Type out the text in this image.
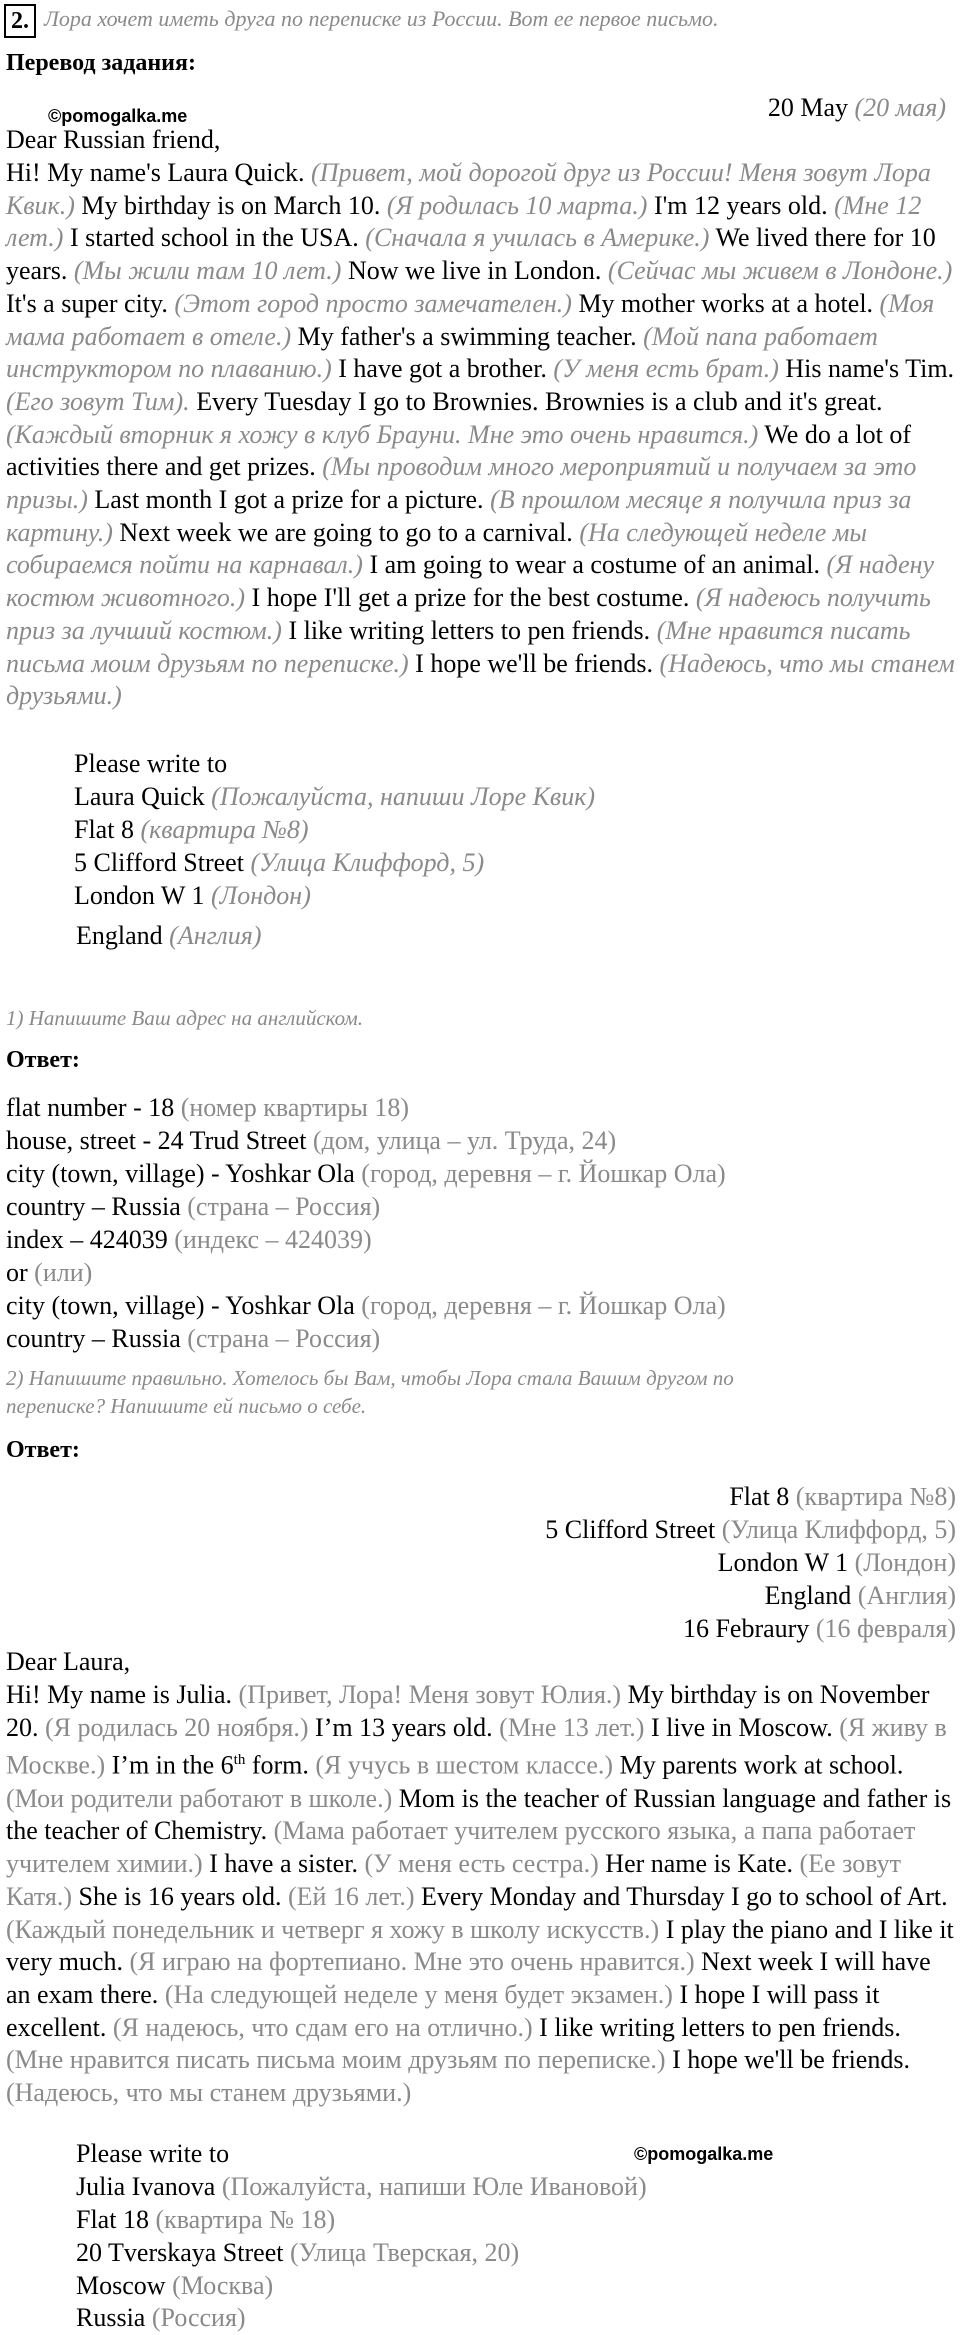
2. Лора хочет иметь друга по переписке из России. Вот ее первое письмо.
Перевод задания:
©pomogalka.me	20 May (20 мая)
Dear Russian friend,
Hi! My name's Laura Quick. (Привет, мой дорогой друг из России! Меня зовут Лора Квик.) My birthday is on March 10. (Я родилась 10 марта.) I'm 12 years old. (Мне 12 лет.) I started school in the USA. (Сначала я училась в Америке.) We lived there for 10 years. (Мы жили там 10 лет.) Now we live in London. (Сейчас мы живем в Лондоне.) It's a super city. (Этот город просто замечателен.) My mother works at a hotel. (Моя мама работает в отеле.) My father's a swimming teacher. (Мой папа работает инструктором по плаванию.) I have got a brother. (У меня есть брат.) His name's Tim. (Его зовут Тим). Every Tuesday I go to Brownies. Brownies is a club and it's great. (Каждый вторник я хожу в клуб Брауни. Мне это очень нравится.) We do a lot of activities there and get prizes. (Мы проводим много мероприятий и получаем за это призы.) Last month I got a prize for a picture. (В прошлом месяце я получила приз за картину.) Next week we are going to go to a carnival. (На следующей неделе мы собираемся пойти на карнавал.) I am going to wear a costume of an animal. (Я надену костюм животного.) I hope I'll get a prize for the best costume. (Я надеюсь получить приз за лучший костюм.) I like writing letters to pen friends. (Мне нравится писать письма моим друзьям по переписке.) I hope we'll be friends. (Надеюсь, что мы станем друзьями.)
Please write to
Laura Quick (Пожалуйста, напиши Лоре Квик)
Flat 8 (квартира №8)
5 Clifford Street (Улица Клиффорд, 5)
London W 1 (Лондон)
England (Англия)
1) Напишите Ваш адрес на английском.
Ответ:
flat number - 18 (номер квартиры 18)
house, street - 24 Trud Street (дом, улица – ул. Труда, 24)
city (town, village) - Yoshkar Ola (город, деревня – г. Йошкар Ола)
country – Russia (страна – Россия)
index – 424039 (индекс – 424039)
or (или)
city (town, village) - Yoshkar Ola (город, деревня – г. Йошкар Ола)
country – Russia (страна – Россия)
2) Напишите правильно. Хотелось бы Вам, чтобы Лора стала Вашим другом по
переписке? Напишите ей письмо о себе.
Ответ:
Flat 8 (квартира №8)
5 Clifford Street (Улица Клиффорд, 5)
London W 1 (Лондон)
England (Англия)
16 Febraury (16 февраля)
Dear Laura,
Hi! My name is Julia. (Привет, Лора! Меня зовут Юлия.) My birthday is on November 20. (Я родилась 20 ноября.) I’m 13 years old. (Мне 13 лет.) I live in Moscow. (Я живу в Москве.) I’m in the 6th form. (Я учусь в шестом классе.) My parents work at school. (Мои родители работают в школе.) Mom is the teacher of Russian language and father is the teacher of Chemistry. (Мама работает учителем русского языка, а папа работает учителем химии.) I have a sister. (У меня есть сестра.) Her name is Kate. (Ее зовут Катя.) She is 16 years old. (Ей 16 лет.) Every Monday and Thursday I go to school of Art. (Каждый понедельник и четверг я хожу в школу искусств.) I play the piano and I like it very much. (Я играю на фортепиано. Мне это очень нравится.) Next week I will have an exam there. (На следующей неделе у меня будет экзамен.) I hope I will pass it excellent. (Я надеюсь, что сдам его на отлично.) I like writing letters to pen friends. (Мне нравится писать письма моим друзьям по переписке.) I hope we'll be friends. (Надеюсь, что мы станем друзьями.)
Please write to	©pomogalka.me
Julia Ivanova (Пожалуйста, напиши Юле Ивановой)
Flat 18 (квартира № 18)
20 Tverskaya Street (Улица Тверская, 20)
Moscow (Москва)
Russia (Россия)
